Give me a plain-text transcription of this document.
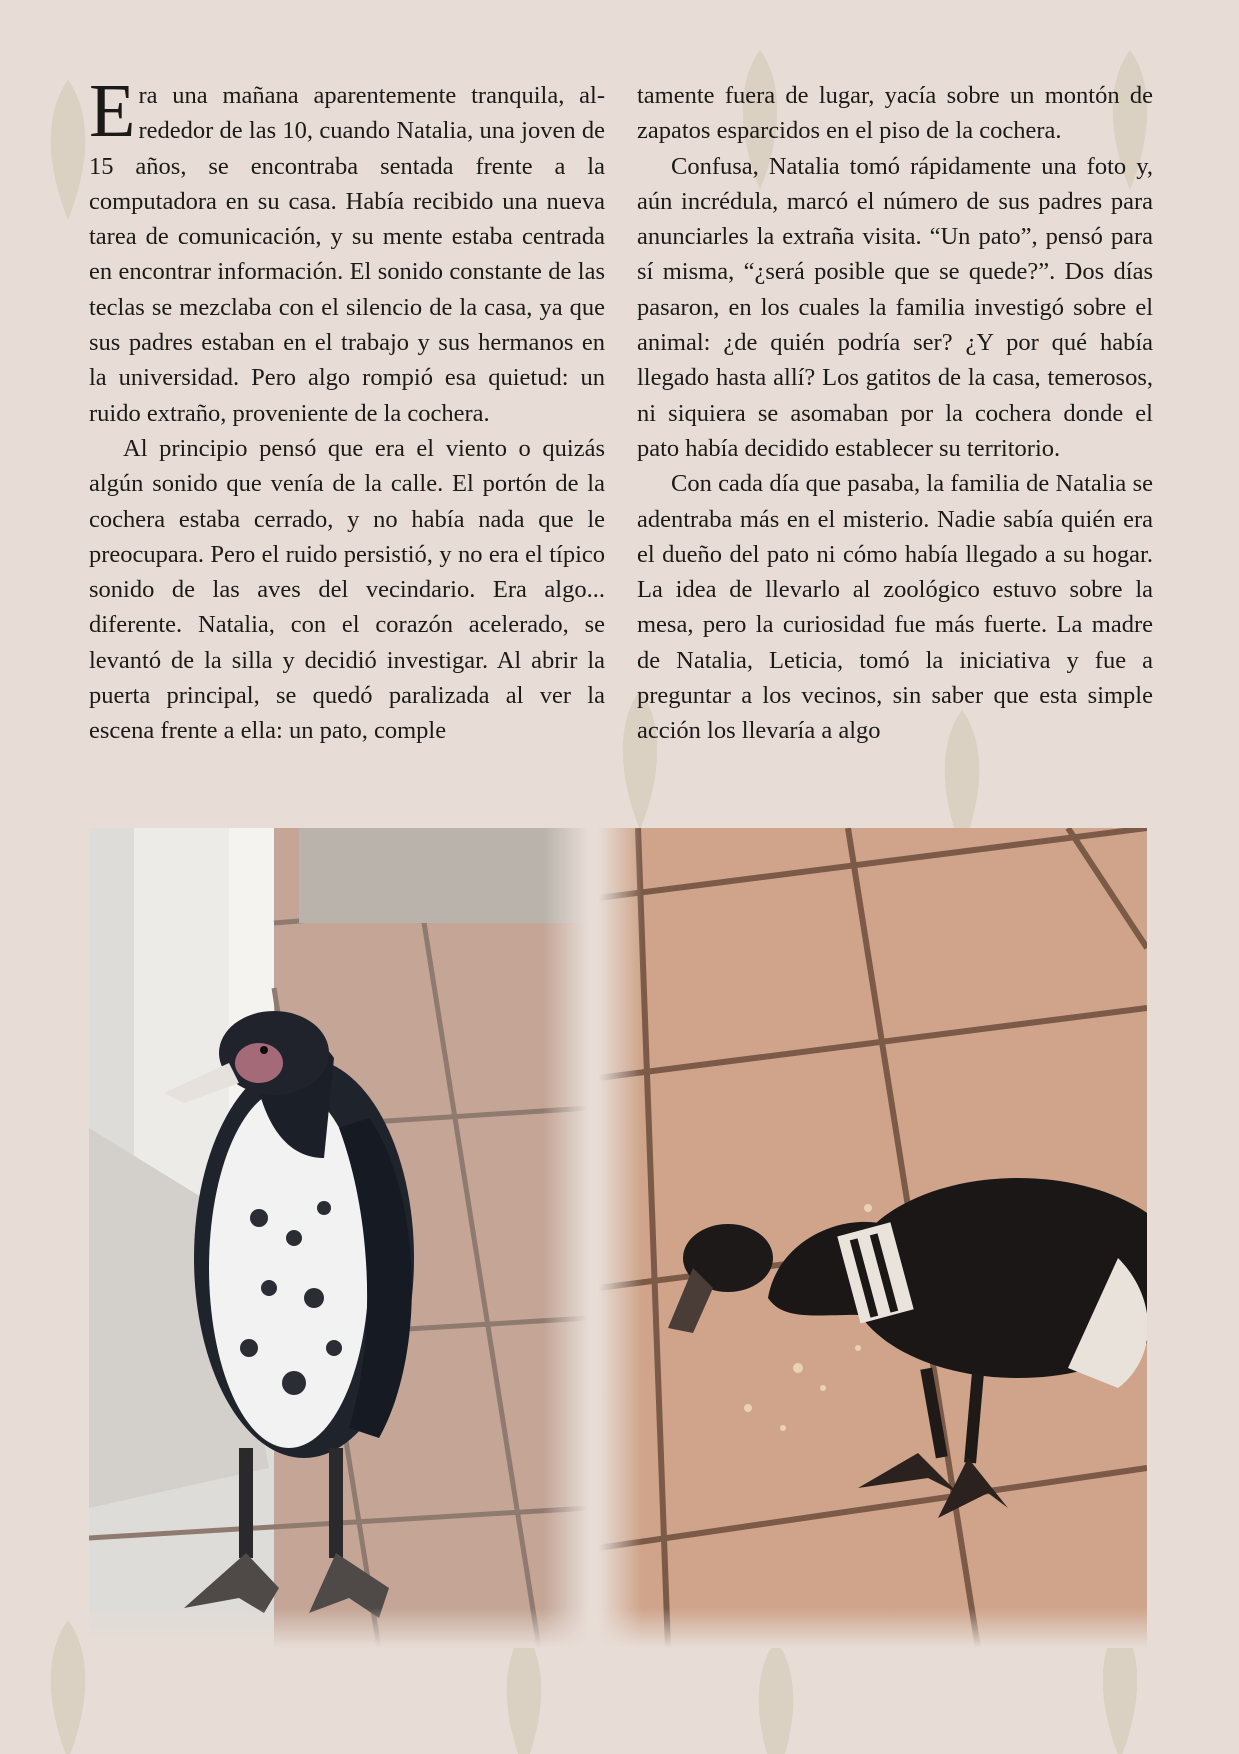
Era una mañana aparentemente tranquila, alrededor de las 10, cuando Natalia, una joven de 15 años, se encontraba sentada frente a la computadora en su casa. Había recibido una nueva tarea de comunicación, y su mente estaba centrada en encontrar información. El sonido constante de las teclas se mezclaba con el silencio de la casa, ya que sus padres estaban en el trabajo y sus hermanos en la universidad. Pero algo rompió esa quietud: un ruido extraño, proveniente de la cochera.

Al principio pensó que era el viento o quizás algún sonido que venía de la calle. El portón de la cochera estaba cerrado, y no había nada que le preocupara. Pero el ruido persistió, y no era el típico sonido de las aves del vecindario. Era algo... diferente. Natalia, con el corazón acelerado, se levantó de la silla y decidió investigar. Al abrir la puerta principal, se quedó paralizada al ver la escena frente a ella: un pato, comple

tamente fuera de lugar, yacía sobre un montón de zapatos esparcidos en el piso de la cochera.

Confusa, Natalia tomó rápidamente una foto y, aún incrédula, marcó el número de sus padres para anunciarles la extraña visita. “Un pato”, pensó para sí misma, “¿será posible que se quede?”. Dos días pasaron, en los cuales la familia investigó sobre el animal: ¿de quién podría ser? ¿Y por qué había llegado hasta allí? Los gatitos de la casa, temerosos, ni siquiera se asomaban por la cochera donde el pato había decidido establecer su territorio.

Con cada día que pasaba, la familia de Natalia se adentraba más en el misterio. Nadie sabía quién era el dueño del pato ni cómo había llegado a su hogar. La idea de llevarlo al zoológico estuvo sobre la mesa, pero la curiosidad fue más fuerte. La madre de Natalia, Leticia, tomó la iniciativa y fue a preguntar a los vecinos, sin saber que esta simple acción los llevaría a algo
